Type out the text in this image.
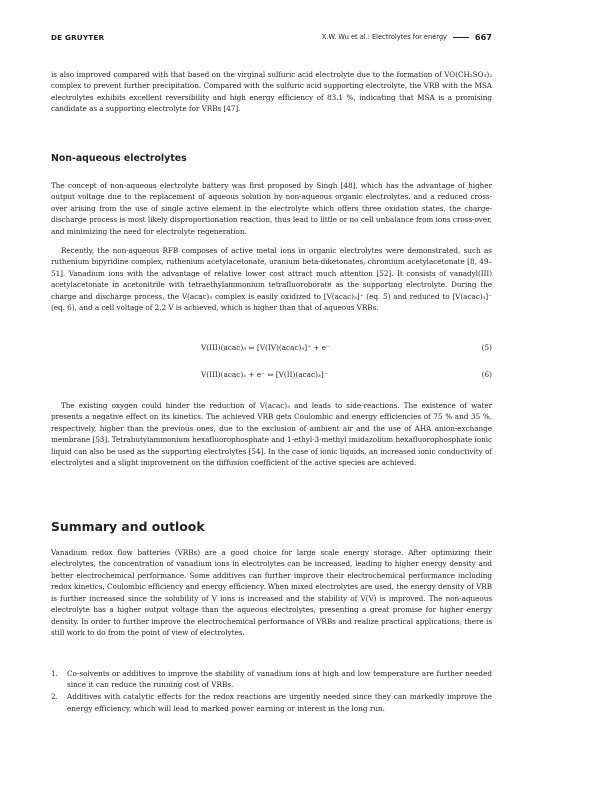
DE GRUYTER	X.W. Wu et al.: Electrolytes for energy	667

is also improved compared with that based on the virginal sulfuric acid electrolyte due to the formation of VO(CH₃SO₃)₂ complex to prevent further precipitation. Compared with the sulfuric acid supporting electrolyte, the VRB with the MSA electrolytes exhibits excellent reversibility and high energy efficiency of 83.1 %, indicating that MSA is a promising candidate as a supporting electrolyte for VRBs [47].

Non-aqueous electrolytes

The concept of non-aqueous electrolyte battery was first proposed by Singh [48], which has the advantage of higher output voltage due to the replacement of aqueous solution by non-aqueous organic electrolytes, and a reduced cross-over arising from the use of single active element in the electrolyte which offers three oxidation states, the charge-discharge process is most likely disproportionation reaction, thus lead to little or no cell unbalance from ions cross-over, and minimizing the need for electrolyte regeneration.

Recently, the non-aqueous RFB composes of active metal ions in organic electrolytes were demonstrated, such as ruthenium bipyridine complex, ruthenium acetylacetonate, uranium beta-diketonates, chromium acetylacetonate [8, 49–51]. Vanadium ions with the advantage of relative lower cost attract much attention [52]. It consists of vanadyl(III) acetylacetonate in acetonitrile with tetraethylammonium tetrafluoroborate as the supporting electrolyte. During the charge and discharge process, the V(acac)₃ complex is easily oxidized to [V(acac)₃]⁺ (eq. 5) and reduced to [V(acac)₃]⁻ (eq. 6), and a cell voltage of 2.2 V is achieved, which is higher than that of aqueous VRBs.

V(III)(acac)₃ ⇔ [V(IV)(acac)₃]⁺ + e⁻	(5)
V(III)(acac)₃ + e⁻ ⇔ [V(II)(acac)₃]⁻	(6)

The existing oxygen could hinder the reduction of V(acac)₃ and leads to side-reactions. The existence of water presents a negative effect on its kinetics. The achieved VRB gets Coulombic and energy efficiencies of 75 % and 35 %, respectively, higher than the previous ones, due to the exclusion of ambient air and the use of AHA anion-exchange membrane [53]. Tetrabutylammonium hexafluorophosphate and 1-ethyl-3-methyl imidazolium hexafluorophosphate ionic liquid can also be used as the supporting electrolytes [54]. In the case of ionic liquids, an increased ionic conductivity of electrolytes and a slight improvement on the diffusion coefficient of the active species are achieved.

Summary and outlook

Vanadium redox flow batteries (VRBs) are a good choice for large scale energy storage. After optimizing their electrolytes, the concentration of vanadium ions in electrolytes can be increased, leading to higher energy density and better electrochemical performance. Some additives can further improve their electrochemical performance including redox kinetics, Coulombic efficiency and energy efficiency. When mixed electrolytes are used, the energy density of VRB is further increased since the solubility of V ions is increased and the stability of V(V) is improved. The non-aqueous electrolyte has a higher output voltage than the aqueous electrolytes, presenting a great promise for higher energy density. In order to further improve the electrochemical performance of VRBs and realize practical applications, there is still work to do from the point of view of electrolytes.

1. Co-solvents or additives to improve the stability of vanadium ions at high and low temperature are further needed since it can reduce the running cost of VRBs.
2. Additives with catalytic effects for the redox reactions are urgently needed since they can markedly improve the energy efficiency, which will lead to marked power earning or interest in the long run.
